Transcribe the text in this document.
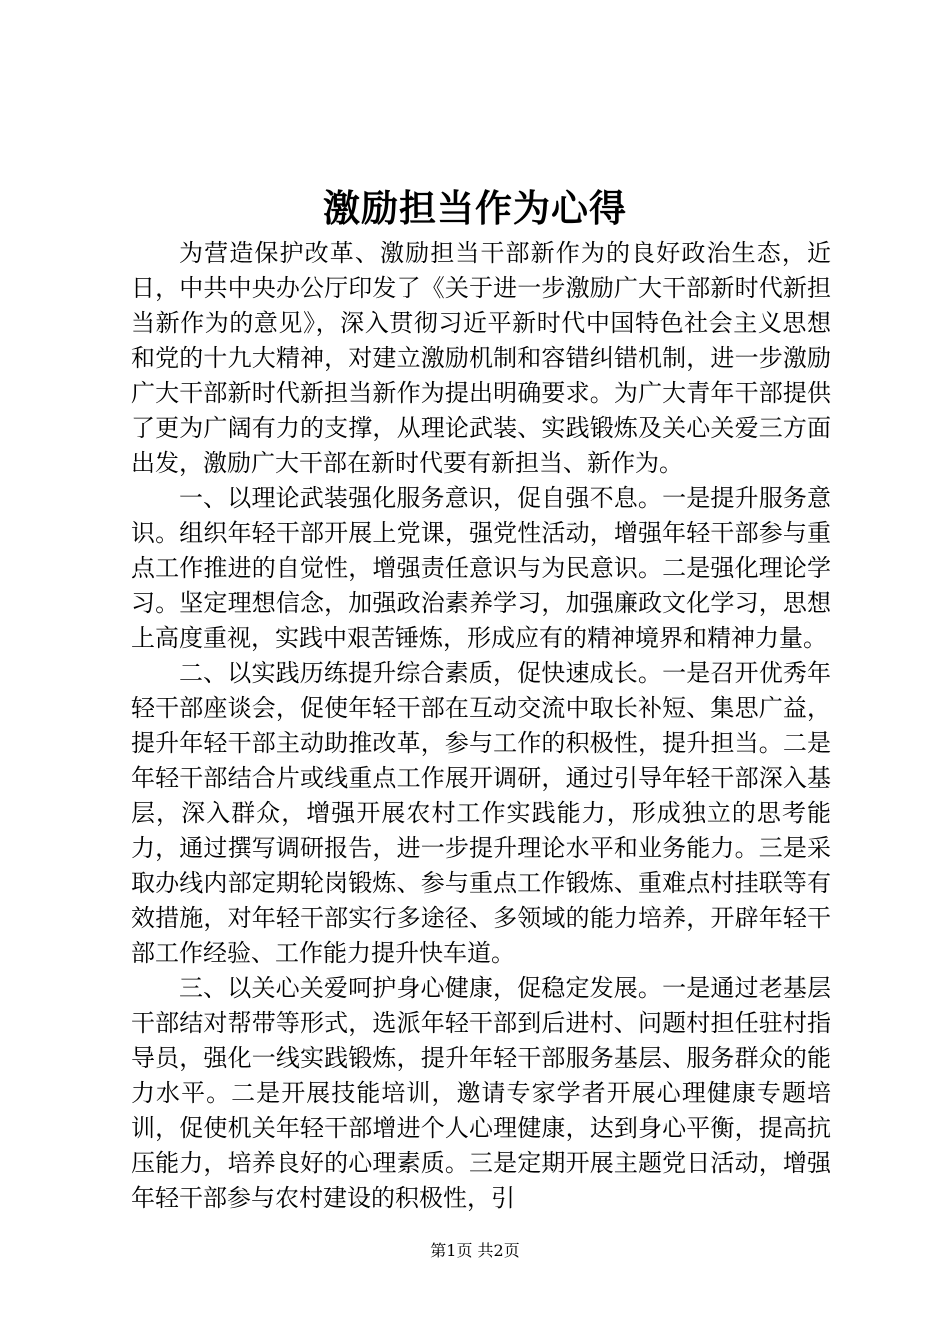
激励担当作为心得

为营造保护改革、激励担当干部新作为的良好政治生态，近日，中共中央办公厅印发了《关于进一步激励广大干部新时代新担当新作为的意见》，深入贯彻习近平新时代中国特色社会主义思想和党的十九大精神，对建立激励机制和容错纠错机制，进一步激励广大干部新时代新担当新作为提出明确要求。为广大青年干部提供了更为广阔有力的支撑，从理论武装、实践锻炼及关心关爱三方面出发，激励广大干部在新时代要有新担当、新作为。

一、以理论武装强化服务意识，促自强不息。一是提升服务意识。组织年轻干部开展上党课，强党性活动，增强年轻干部参与重点工作推进的自觉性，增强责任意识与为民意识。二是强化理论学习。坚定理想信念，加强政治素养学习，加强廉政文化学习，思想上高度重视，实践中艰苦锤炼，形成应有的精神境界和精神力量。

二、以实践历练提升综合素质，促快速成长。一是召开优秀年轻干部座谈会，促使年轻干部在互动交流中取长补短、集思广益，提升年轻干部主动助推改革，参与工作的积极性，提升担当。二是年轻干部结合片或线重点工作展开调研，通过引导年轻干部深入基层，深入群众，增强开展农村工作实践能力，形成独立的思考能力，通过撰写调研报告，进一步提升理论水平和业务能力。三是采取办线内部定期轮岗锻炼、参与重点工作锻炼、重难点村挂联等有效措施，对年轻干部实行多途径、多领域的能力培养，开辟年轻干部工作经验、工作能力提升快车道。

三、以关心关爱呵护身心健康，促稳定发展。一是通过老基层干部结对帮带等形式，选派年轻干部到后进村、问题村担任驻村指导员，强化一线实践锻炼，提升年轻干部服务基层、服务群众的能力水平。二是开展技能培训，邀请专家学者开展心理健康专题培训，促使机关年轻干部增进个人心理健康，达到身心平衡，提高抗压能力，培养良好的心理素质。三是定期开展主题党日活动，增强年轻干部参与农村建设的积极性，引

第1页 共2页
